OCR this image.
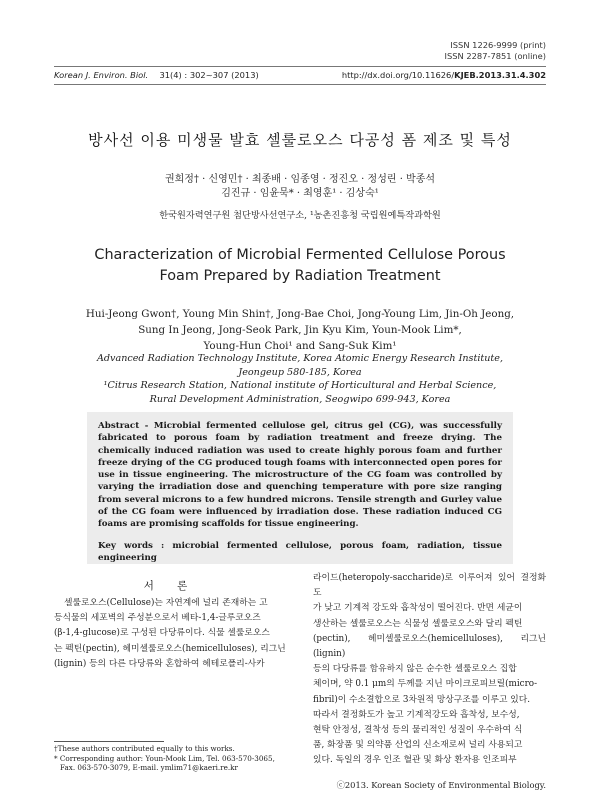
ISSN 1226-9999 (print)
ISSN 2287-7851 (online)
Korean J. Environ. Biol. 31(4) : 302~307 (2013)	http://dx.doi.org/10.11626/KJEB.2013.31.4.302
방사선 이용 미생물 발효 셀룰로오스 다공성 폼 제조 및 특성
권희정† · 신영민† · 최종배 · 임종영 · 정진오 · 정성린 · 박종석
김진규 · 임윤묵* · 최영훈¹ · 김상숙¹
한국원자력연구원 첨단방사선연구소, ¹농촌진흥청 국립원예특작과학원
Characterization of Microbial Fermented Cellulose Porous
Foam Prepared by Radiation Treatment
Hui-Jeong Gwon†, Young Min Shin†, Jong-Bae Choi, Jong-Young Lim, Jin-Oh Jeong,
Sung In Jeong, Jong-Seok Park, Jin Kyu Kim, Youn-Mook Lim*,
Young-Hun Choi¹ and Sang-Suk Kim¹
Advanced Radiation Technology Institute, Korea Atomic Energy Research Institute,
Jeongeup 580-185, Korea
¹Citrus Research Station, National institute of Horticultural and Herbal Science,
Rural Development Administration, Seogwipo 699-943, Korea

Abstract - Microbial fermented cellulose gel, citrus gel (CG), was successfully fabricated to porous foam by radiation treatment and freeze drying. The chemically induced radiation was used to create highly porous foam and further freeze drying of the CG produced tough foams with interconnected open pores for use in tissue engineering. The microstructure of the CG foam was controlled by varying the irradiation dose and quenching temperature with pore size ranging from several microns to a few hundred microns. Tensile strength and Gurley value of the CG foam were influenced by irradiation dose. These radiation induced CG foams are promising scaffolds for tissue engineering.

Key words : microbial fermented cellulose, porous foam, radiation, tissue engineering

서 론
셀룰로오스(Cellulose)는 자연계에 널리 존재하는 고
등식물의 세포벽의 주성분으로서 베타-1,4-글루코오즈
(β-1,4-glucose)로 구성된 다당류이다. 식물 셀룰로오스
는 펙틴(pectin), 헤미셀룰로오스(hemicelluloses), 리그닌
(lignin) 등의 다른 다당류와 혼합하여 헤테로폴리-사카
라이드(heteropoly-saccharide)로 이루어져 있어 결정화도
가 낮고 기계적 강도와 흡착성이 떨어진다. 반면 세균이
생산하는 셀룰로오스는 식물성 셀룰로오스와 달리 펙틴
(pectin), 헤미셀룰로오스(hemicelluloses), 리그닌(lignin)
등의 다당류를 함유하지 않은 순수한 셀룰로오스 집합
체이며, 약 0.1 μm의 두께를 지닌 마이크로피브릴(micro-
fibril)이 수소결합으로 3차원적 망상구조를 이루고 있다.
따라서 결정화도가 높고 기계적강도와 흡착성, 보수성,
현탁 안정성, 결착성 등의 물리적인 성질이 우수하여 식
품, 화장품 및 의약품 산업의 신소재로써 널리 사용되고
있다. 독일의 경우 인조 혈관 및 화상 환자용 인조피부
†These authors contributed equally to this works.
* Corresponding author: Youn-Mook Lim, Tel. 063-570-3065,
Fax. 063-570-3079, E-mail. ymlim71@kaeri.re.kr
ⓒ2013. Korean Society of Environmental Biology.
